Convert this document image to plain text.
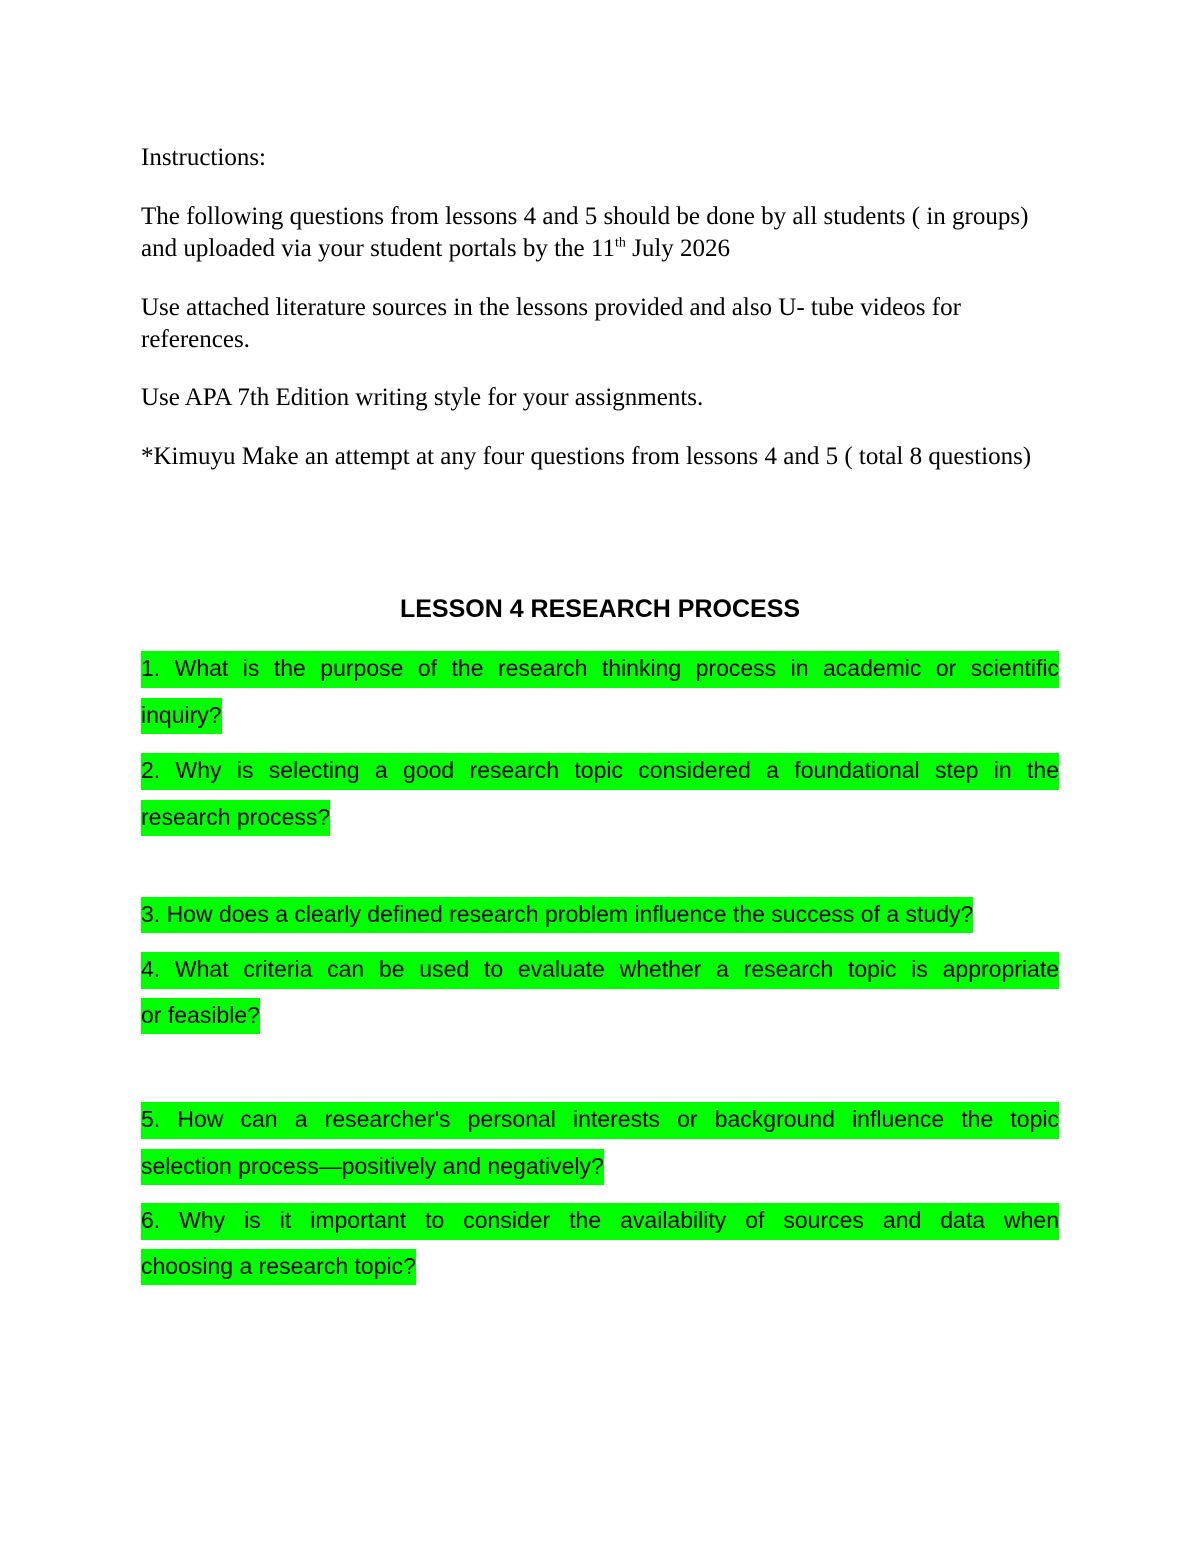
Instructions:

The following questions from lessons 4 and 5 should be done by all students ( in groups) and uploaded via your student portals by the 11th July 2026

Use attached literature sources in the lessons provided and also U- tube videos for references.

Use APA 7th Edition writing style for your assignments.

*Kimuyu Make an attempt at any four questions from lessons 4 and 5 ( total 8 questions)

LESSON 4 RESEARCH PROCESS

1. What is the purpose of the research thinking process in academic or scientific

inquiry?

2. Why is selecting a good research topic considered a foundational step in the

research process?

3. How does a clearly defined research problem influence the success of a study?

4. What criteria can be used to evaluate whether a research topic is appropriate

or feasible?

5. How can a researcher's personal interests or background influence the topic

selection process—positively and negatively?

6. Why is it important to consider the availability of sources and data when

choosing a research topic?
